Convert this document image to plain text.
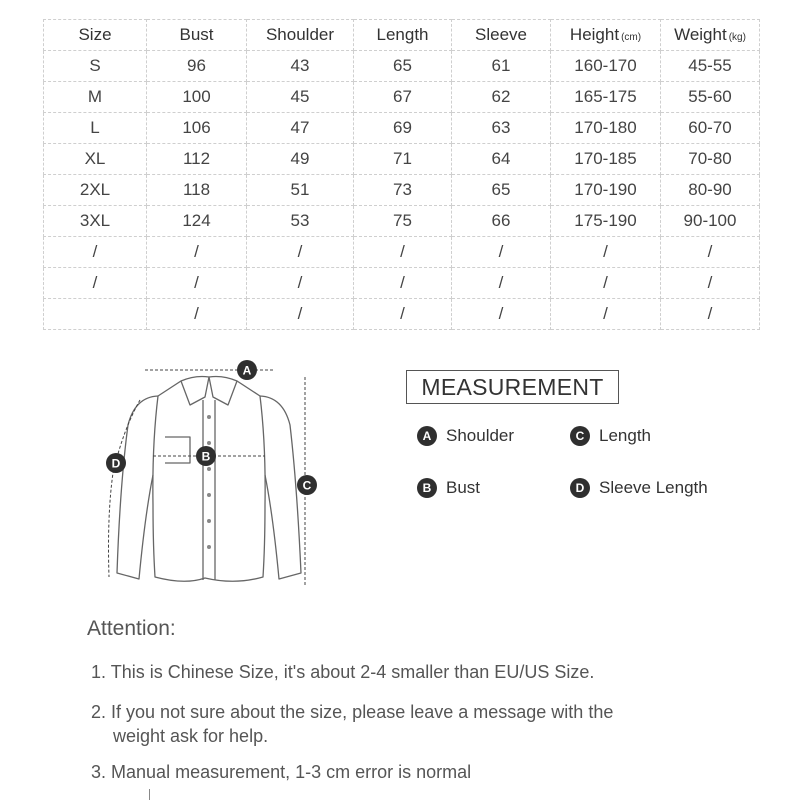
Size	Bust	Shoulder	Length	Sleeve	Height (cm)	Weight (kg)
S	96	43	65	61	160-170	45-55
M	100	45	67	62	165-175	55-60
L	106	47	69	63	170-180	60-70
XL	112	49	71	64	170-185	70-80
2XL	118	51	73	65	170-190	80-90
3XL	124	53	75	66	175-190	90-100
/	/	/	/	/	/	/
/	/	/	/	/	/	/
	/	/	/	/	/	/
A
B
C
D
MEASUREMENT
A Shoulder	C Length
B Bust	D Sleeve Length
Attention:
1. This is Chinese Size, it's about 2-4 smaller than EU/US Size.
2. If you not sure about the size, please leave a message with the
weight ask for help.
3. Manual measurement, 1-3 cm error is normal
